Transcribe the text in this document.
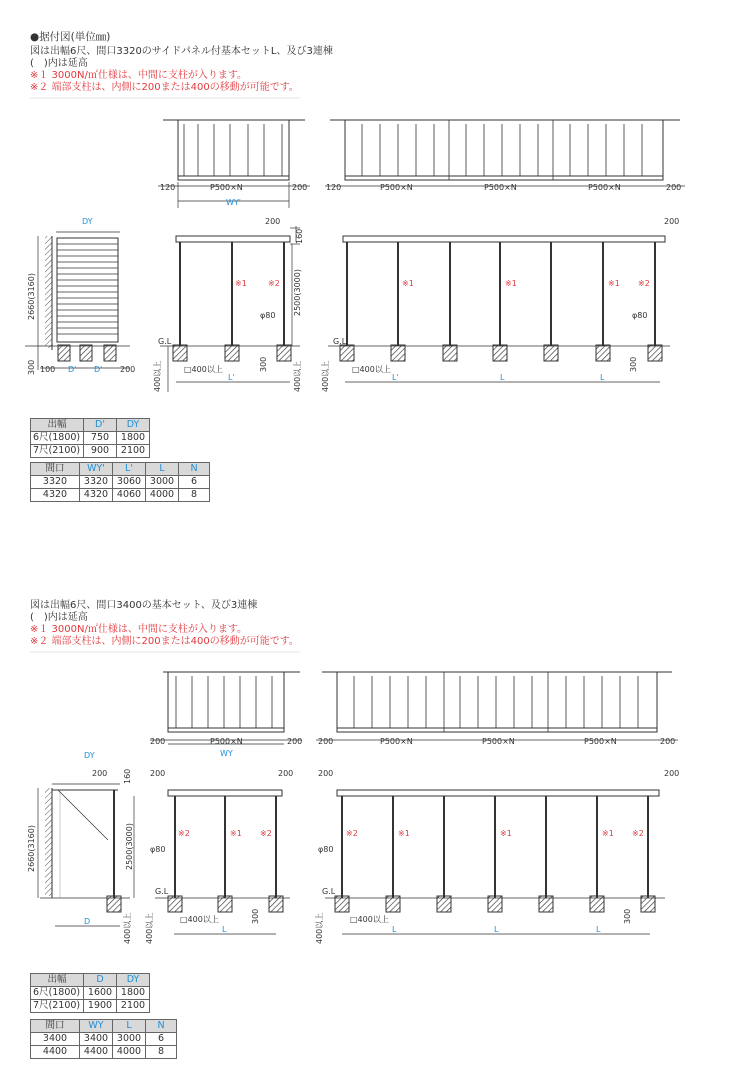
●据付図(単位㎜)
図は出幅6尺、間口3320のサイドパネル付基本セットL、及び3連棟
(　)内は延高
※１ 3000N/㎡仕様は、中間に支柱が入ります。
※２ 端部支柱は、内側に200または400の移動が可能です。
図は出幅6尺、間口3400の基本セット、及び3連棟
(　)内は延高
※１ 3000N/㎡仕様は、中間に支柱が入ります。
※２ 端部支柱は、内側に200または400の移動が可能です。
120	P500×N	200
WY'
120	P500×N	P500×N	P500×N	200
DY
2660(3160)
300 100 D' D' 200
200
160
※1	※2 2500(3000)
φ80
G.L
□400以上
L'
400以上	300	400以上
200
※1	※1	※1 ※2
φ80
G.L
□400以上
L'	L	L
400以上	300
200	P500×N	200
WY
200	P500×N	P500×N	P500×N	200
DY
200 160
2660(3160)
D	400以上
200	200
※2	※1 ※2
2500(3000) φ80
G.L
□400以上
L
300
400以上
200	200
※2	※1	※1	※1 ※2
φ80
G.L
□400以上
L	L	L
300
400以上
出幅	D'	DY
6尺(1800)	750	1800
7尺(2100)	900	2100
間口	WY'	L'	L	N
3320	3320	3060	3000	6
4320	4320	4060	4000	8
出幅	D	DY
6尺(1800)	1600	1800
7尺(2100)	1900	2100
間口	WY	L	N
3400	3400	3000	6
4400	4400	4000	8
